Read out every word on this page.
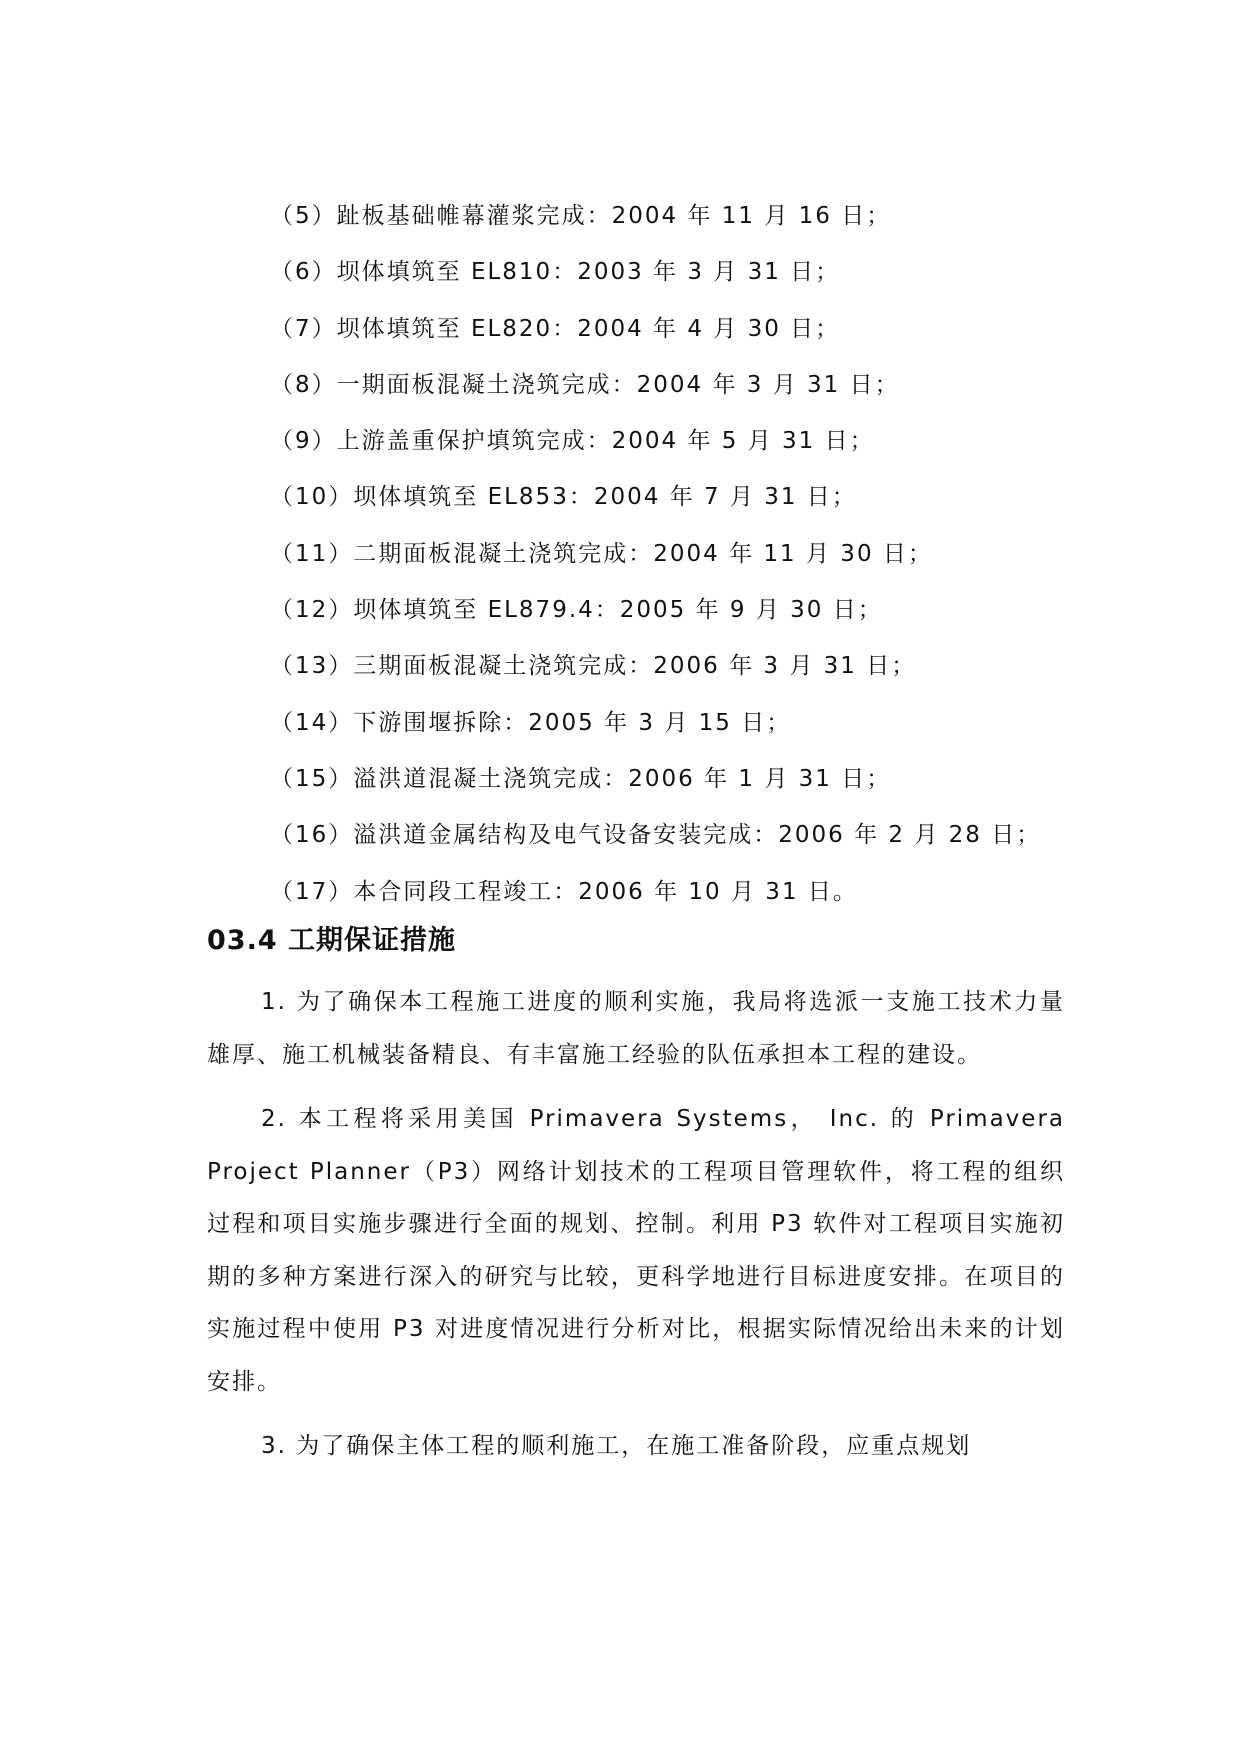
（5）趾板基础帷幕灌浆完成：2004 年 11 月 16 日；
（6）坝体填筑至 EL810：2003 年 3 月 31 日；
（7）坝体填筑至 EL820：2004 年 4 月 30 日；
（8）一期面板混凝土浇筑完成：2004 年 3 月 31 日；
（9）上游盖重保护填筑完成：2004 年 5 月 31 日；
（10）坝体填筑至 EL853：2004 年 7 月 31 日；
（11）二期面板混凝土浇筑完成：2004 年 11 月 30 日；
（12）坝体填筑至 EL879.4：2005 年 9 月 30 日；
（13）三期面板混凝土浇筑完成：2006 年 3 月 31 日；
（14）下游围堰拆除：2005 年 3 月 15 日；
（15）溢洪道混凝土浇筑完成：2006 年 1 月 31 日；
（16）溢洪道金属结构及电气设备安装完成：2006 年 2 月 28 日；
（17）本合同段工程竣工：2006 年 10 月 31 日。
03.4 工期保证措施

1. 为了确保本工程施工进度的顺利实施，我局将选派一支施工技术力量雄厚、施工机械装备精良、有丰富施工经验的队伍承担本工程的建设。

2. 本工程将采用美国 Primavera Systems， Inc. 的 Primavera Project Planner（P3）网络计划技术的工程项目管理软件，将工程的组织过程和项目实施步骤进行全面的规划、控制。利用 P3 软件对工程项目实施初期的多种方案进行深入的研究与比较，更科学地进行目标进度安排。在项目的实施过程中使用 P3 对进度情况进行分析对比，根据实际情况给出未来的计划安排。

3. 为了确保主体工程的顺利施工，在施工准备阶段，应重点规划
